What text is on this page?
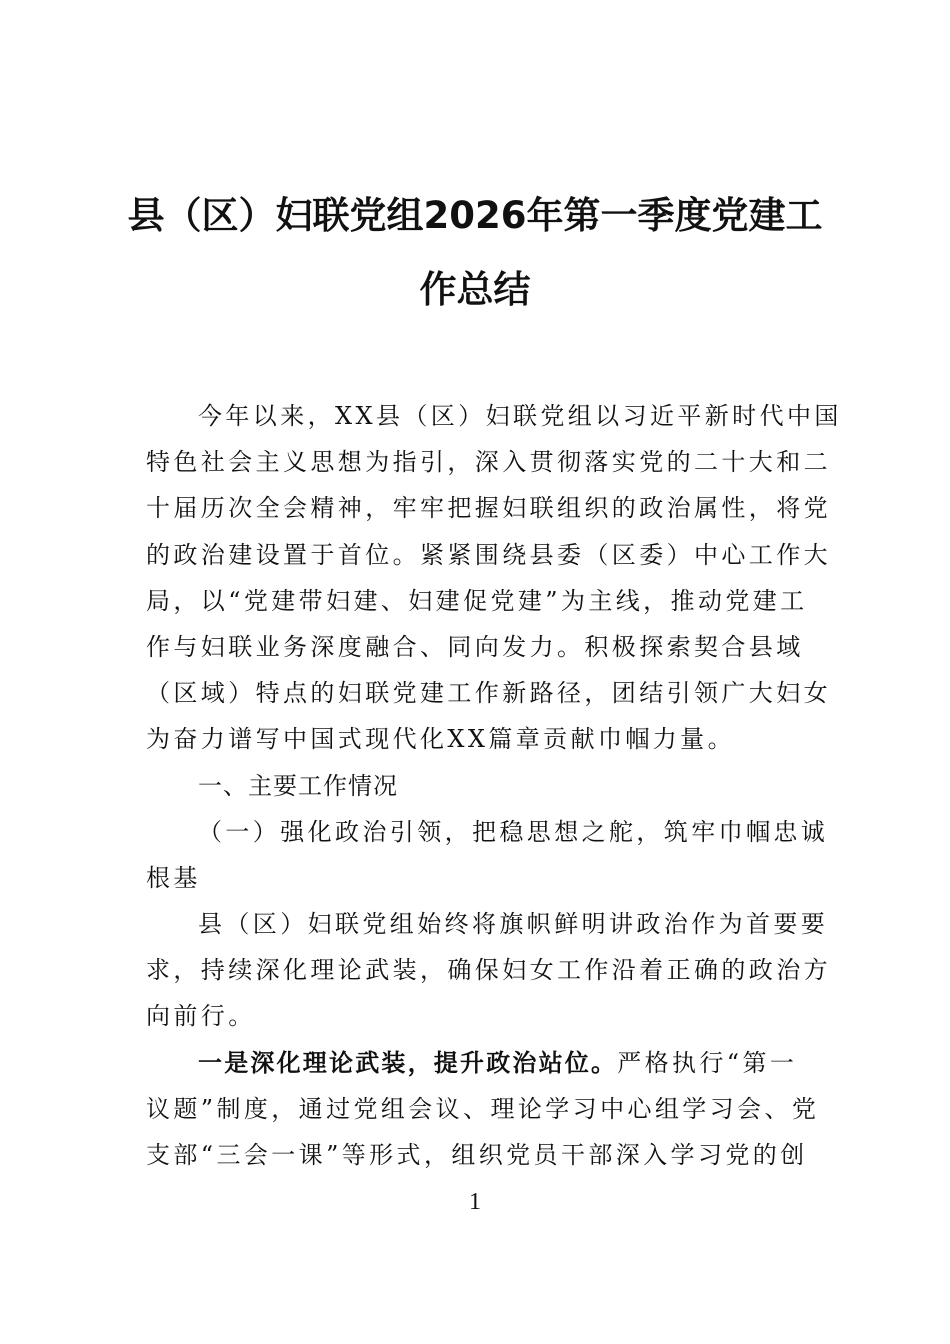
县（区）妇联党组2026年第一季度党建工
作总结
今年以来，XX县（区）妇联党组以习近平新时代中国
特色社会主义思想为指引，深入贯彻落实党的二十大和二
十届历次全会精神，牢牢把握妇联组织的政治属性，将党
的政治建设置于首位。紧紧围绕县委（区委）中心工作大
局，以“党建带妇建、妇建促党建”为主线，推动党建工
作与妇联业务深度融合、同向发力。积极探索契合县域
（区域）特点的妇联党建工作新路径，团结引领广大妇女
为奋力谱写中国式现代化XX篇章贡献巾帼力量。
一、主要工作情况
（一）强化政治引领，把稳思想之舵，筑牢巾帼忠诚
根基
县（区）妇联党组始终将旗帜鲜明讲政治作为首要要
求，持续深化理论武装，确保妇女工作沿着正确的政治方
向前行。
一是深化理论武装，提升政治站位。严格执行“第一
议题”制度，通过党组会议、理论学习中心组学习会、党
支部“三会一课”等形式，组织党员干部深入学习党的创
1
